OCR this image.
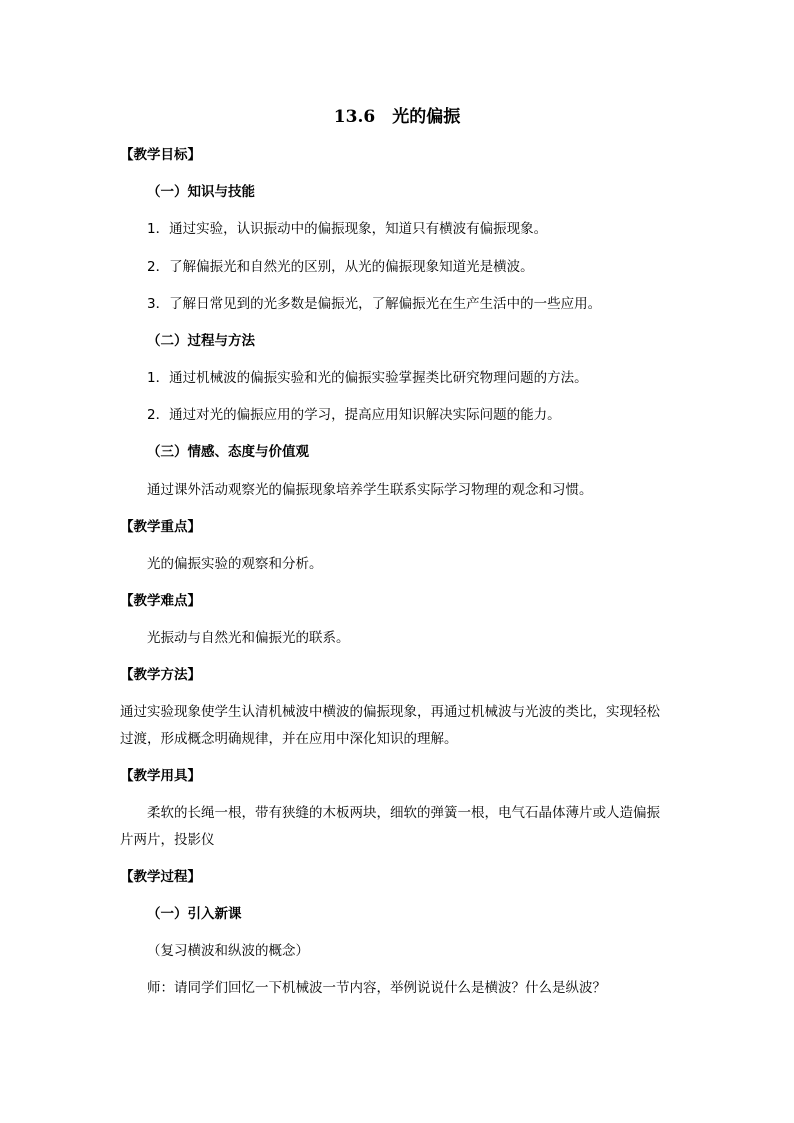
13.6　光的偏振
【教学目标】
（一）知识与技能
1．通过实验，认识振动中的偏振现象，知道只有横波有偏振现象。
2．了解偏振光和自然光的区别，从光的偏振现象知道光是横波。
3．了解日常见到的光多数是偏振光，了解偏振光在生产生活中的一些应用。
（二）过程与方法
1．通过机械波的偏振实验和光的偏振实验掌握类比研究物理问题的方法。
2．通过对光的偏振应用的学习，提高应用知识解决实际问题的能力。
（三）情感、态度与价值观
通过课外活动观察光的偏振现象培养学生联系实际学习物理的观念和习惯。
【教学重点】
光的偏振实验的观察和分析。
【教学难点】
光振动与自然光和偏振光的联系。
【教学方法】
通过实验现象使学生认清机械波中横波的偏振现象，再通过机械波与光波的类比，实现轻松
过渡，形成概念明确规律，并在应用中深化知识的理解。
【教学用具】
柔软的长绳一根，带有狭缝的木板两块，细软的弹簧一根，电气石晶体薄片或人造偏振
片两片，投影仪
【教学过程】
（一）引入新课
（复习横波和纵波的概念）
师：请同学们回忆一下机械波一节内容，举例说说什么是横波？什么是纵波？
